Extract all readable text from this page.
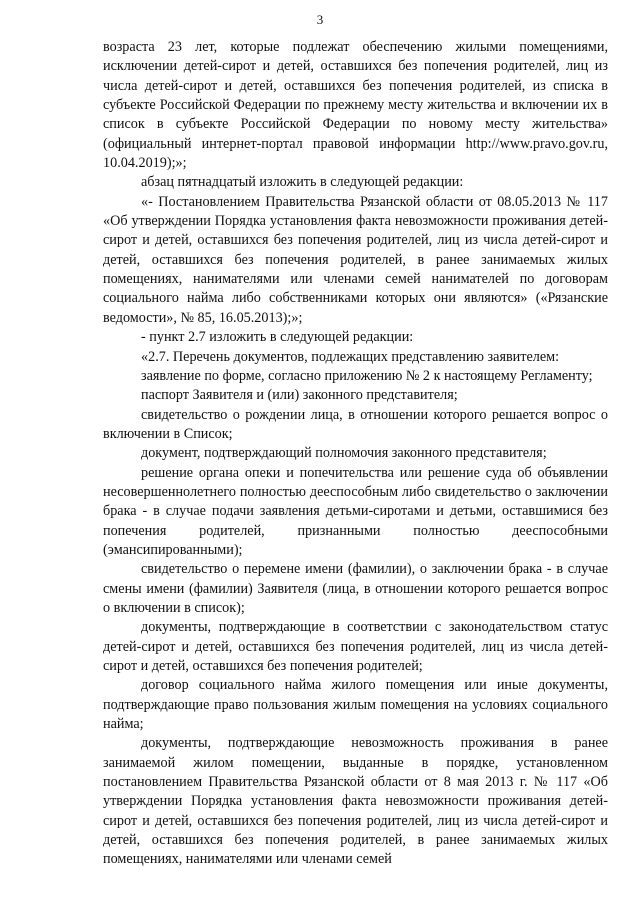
3

возраста 23 лет, которые подлежат обеспечению жилыми помещениями, исключении детей-сирот и детей, оставшихся без попечения родителей, лиц из числа детей-сирот и детей, оставшихся без попечения родителей, из списка в субъекте Российской Федерации по прежнему месту жительства и включении их в список в субъекте Российской Федерации по новому месту жительства» (официальный интернет-портал правовой информации http://www.pravo.gov.ru, 10.04.2019);»;

абзац пятнадцатый изложить в следующей редакции:

«- Постановлением Правительства Рязанской области от 08.05.2013 № 117 «Об утверждении Порядка установления факта невозможности проживания детей-сирот и детей, оставшихся без попечения родителей, лиц из числа детей-сирот и детей, оставшихся без попечения родителей, в ранее занимаемых жилых помещениях, нанимателями или членами семей нанимателей по договорам социального найма либо собственниками которых они являются» («Рязанские ведомости», № 85, 16.05.2013);»;

- пункт 2.7 изложить в следующей редакции:

«2.7. Перечень документов, подлежащих представлению заявителем:

заявление по форме, согласно приложению № 2 к настоящему Регламенту;

паспорт Заявителя и (или) законного представителя;

свидетельство о рождении лица, в отношении которого решается вопрос о включении в Список;

документ, подтверждающий полномочия законного представителя;

решение органа опеки и попечительства или решение суда об объявлении несовершеннолетнего полностью дееспособным либо свидетельство о заключении брака - в случае подачи заявления детьми-сиротами и детьми, оставшимися без попечения родителей, признанными полностью дееспособными (эмансипированными);

свидетельство о перемене имени (фамилии), о заключении брака - в случае смены имени (фамилии) Заявителя (лица, в отношении которого решается вопрос о включении в список);

документы, подтверждающие в соответствии с законодательством статус детей-сирот и детей, оставшихся без попечения родителей, лиц из числа детей-сирот и детей, оставшихся без попечения родителей;

договор социального найма жилого помещения или иные документы, подтверждающие право пользования жилым помещения на условиях социального найма;

документы, подтверждающие невозможность проживания в ранее занимаемой жилом помещении, выданные в порядке, установленном постановлением Правительства Рязанской области от 8 мая 2013 г. № 117 «Об утверждении Порядка установления факта невозможности проживания детей-сирот и детей, оставшихся без попечения родителей, лиц из числа детей-сирот и детей, оставшихся без попечения родителей, в ранее занимаемых жилых помещениях, нанимателями или членами семей
